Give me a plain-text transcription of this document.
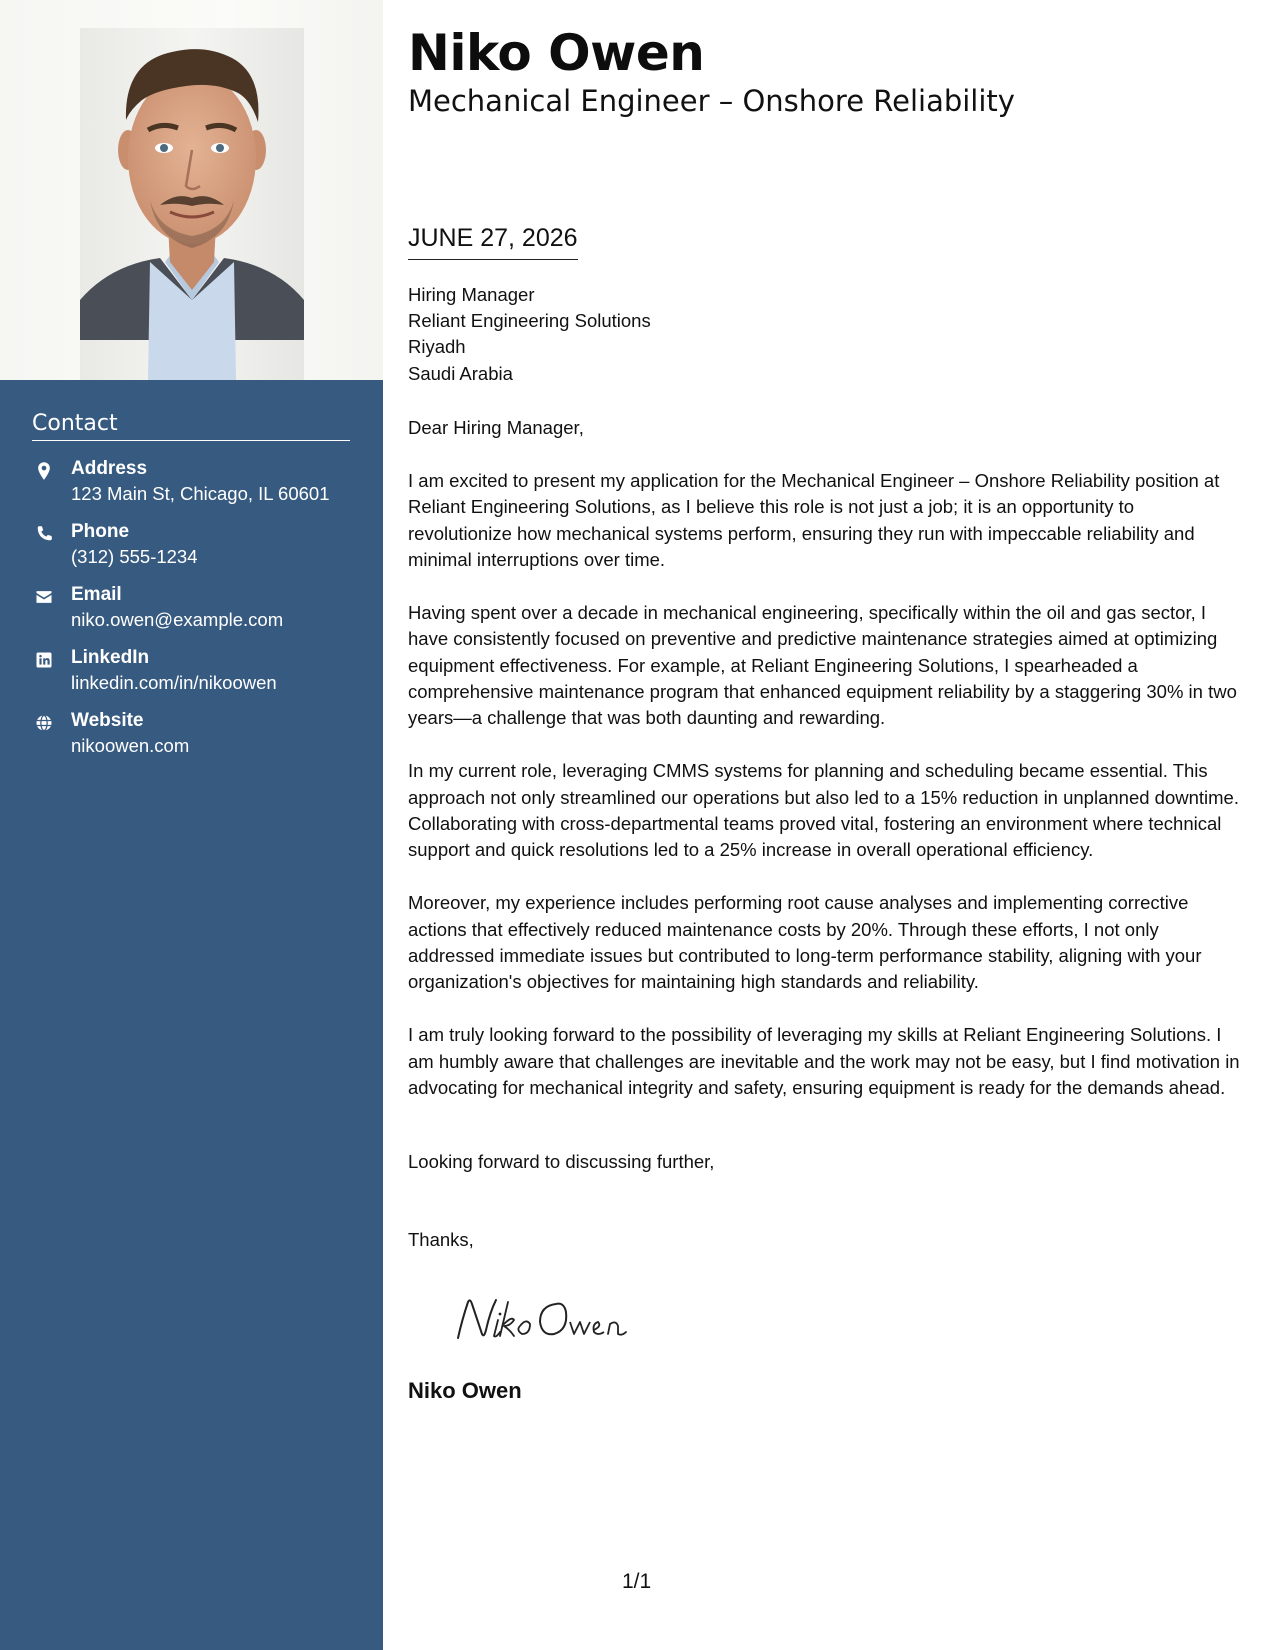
Contact
Address
123 Main St, Chicago, IL 60601
Phone
(312) 555-1234
Email
niko.owen@example.com
LinkedIn
linkedin.com/in/nikoowen
Website
nikoowen.com
Niko Owen
Mechanical Engineer – Onshore Reliability
JUNE 27, 2026
Hiring Manager
Reliant Engineering Solutions
Riyadh
Saudi Arabia

Dear Hiring Manager,

I am excited to present my application for the Mechanical Engineer – Onshore Reliability position at Reliant Engineering Solutions, as I believe this role is not just a job; it is an opportunity to revolutionize how mechanical systems perform, ensuring they run with impeccable reliability and minimal interruptions over time.

Having spent over a decade in mechanical engineering, specifically within the oil and gas sector, I have consistently focused on preventive and predictive maintenance strategies aimed at optimizing equipment effectiveness. For example, at Reliant Engineering Solutions, I spearheaded a comprehensive maintenance program that enhanced equipment reliability by a staggering 30% in two years—a challenge that was both daunting and rewarding.

In my current role, leveraging CMMS systems for planning and scheduling became essential. This approach not only streamlined our operations but also led to a 15% reduction in unplanned downtime. Collaborating with cross-departmental teams proved vital, fostering an environment where technical support and quick resolutions led to a 25% increase in overall operational efficiency.

Moreover, my experience includes performing root cause analyses and implementing corrective actions that effectively reduced maintenance costs by 20%. Through these efforts, I not only addressed immediate issues but contributed to long-term performance stability, aligning with your organization's objectives for maintaining high standards and reliability.

I am truly looking forward to the possibility of leveraging my skills at Reliant Engineering Solutions. I am humbly aware that challenges are inevitable and the work may not be easy, but I find motivation in advocating for mechanical integrity and safety, ensuring equipment is ready for the demands ahead.

Looking forward to discussing further,
Thanks,
Niko Owen
1/1
